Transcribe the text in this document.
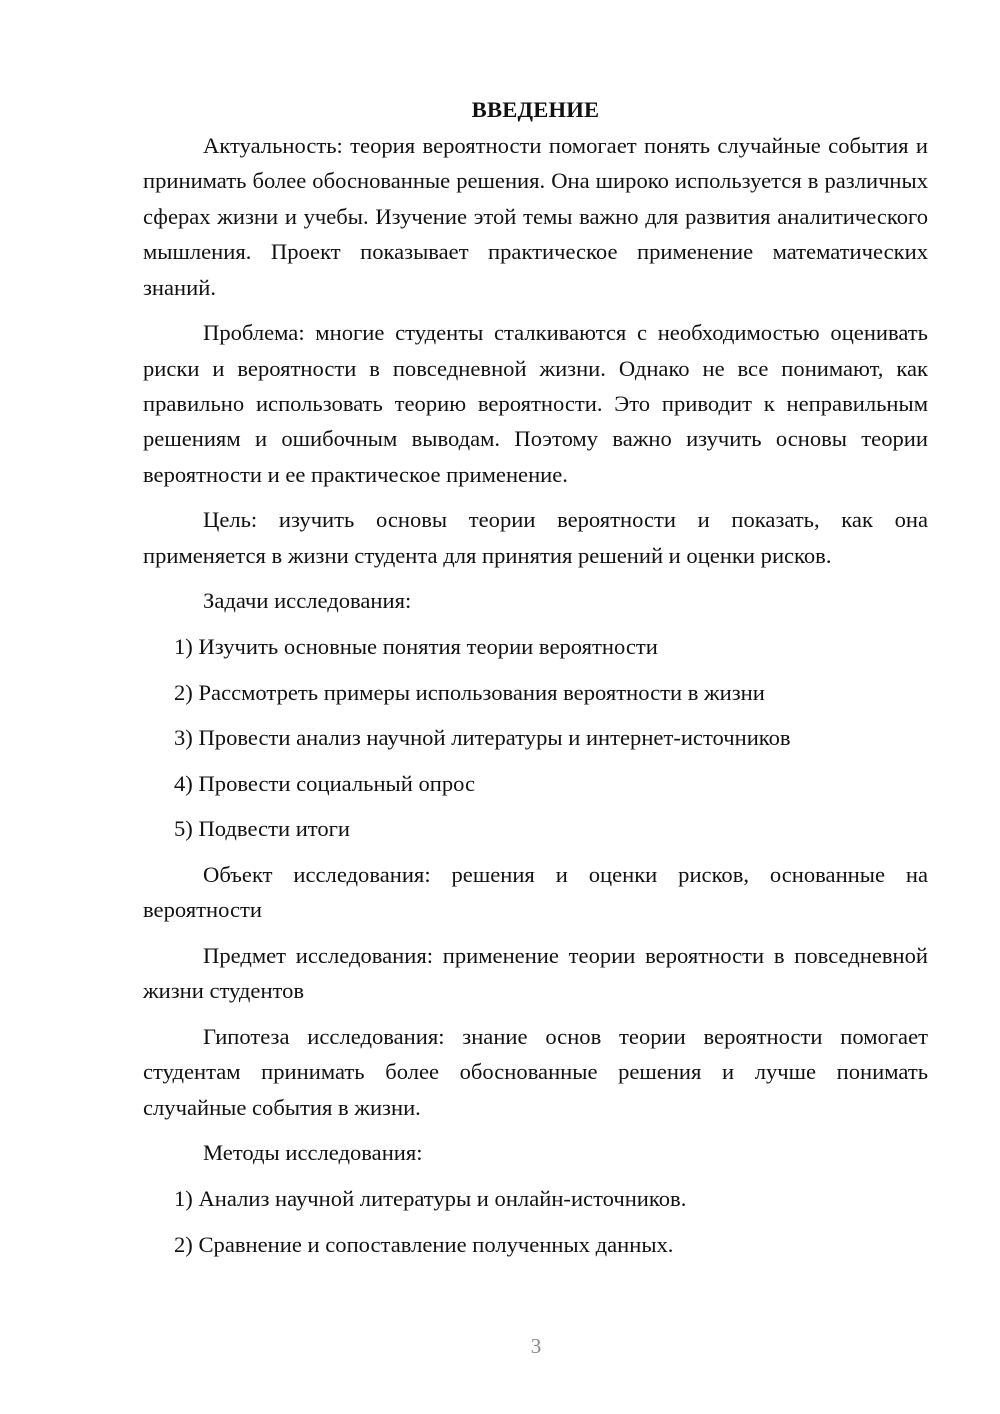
ВВЕДЕНИЕ

Актуальность: теория вероятности помогает понять случайные события и принимать более обоснованные решения. Она широко используется в различных сферах жизни и учебы. Изучение этой темы важно для развития аналитического мышления. Проект показывает практическое применение математических знаний.

Проблема: многие студенты сталкиваются с необходимостью оценивать риски и вероятности в повседневной жизни. Однако не все понимают, как правильно использовать теорию вероятности. Это приводит к неправильным решениям и ошибочным выводам. Поэтому важно изучить основы теории вероятности и ее практическое применение.

Цель: изучить основы теории вероятности и показать, как она применяется в жизни студента для принятия решений и оценки рисков.

Задачи исследования:

1) Изучить основные понятия теории вероятности

2) Рассмотреть примеры использования вероятности в жизни

3) Провести анализ научной литературы и интернет-источников

4) Провести социальный опрос

5) Подвести итоги

Объект исследования: решения и оценки рисков, основанные на вероятности

Предмет исследования: применение теории вероятности в повседневной жизни студентов

Гипотеза исследования: знание основ теории вероятности помогает студентам принимать более обоснованные решения и лучше понимать случайные события в жизни.

Методы исследования:

1) Анализ научной литературы и онлайн-источников.

2) Сравнение и сопоставление полученных данных.

3
